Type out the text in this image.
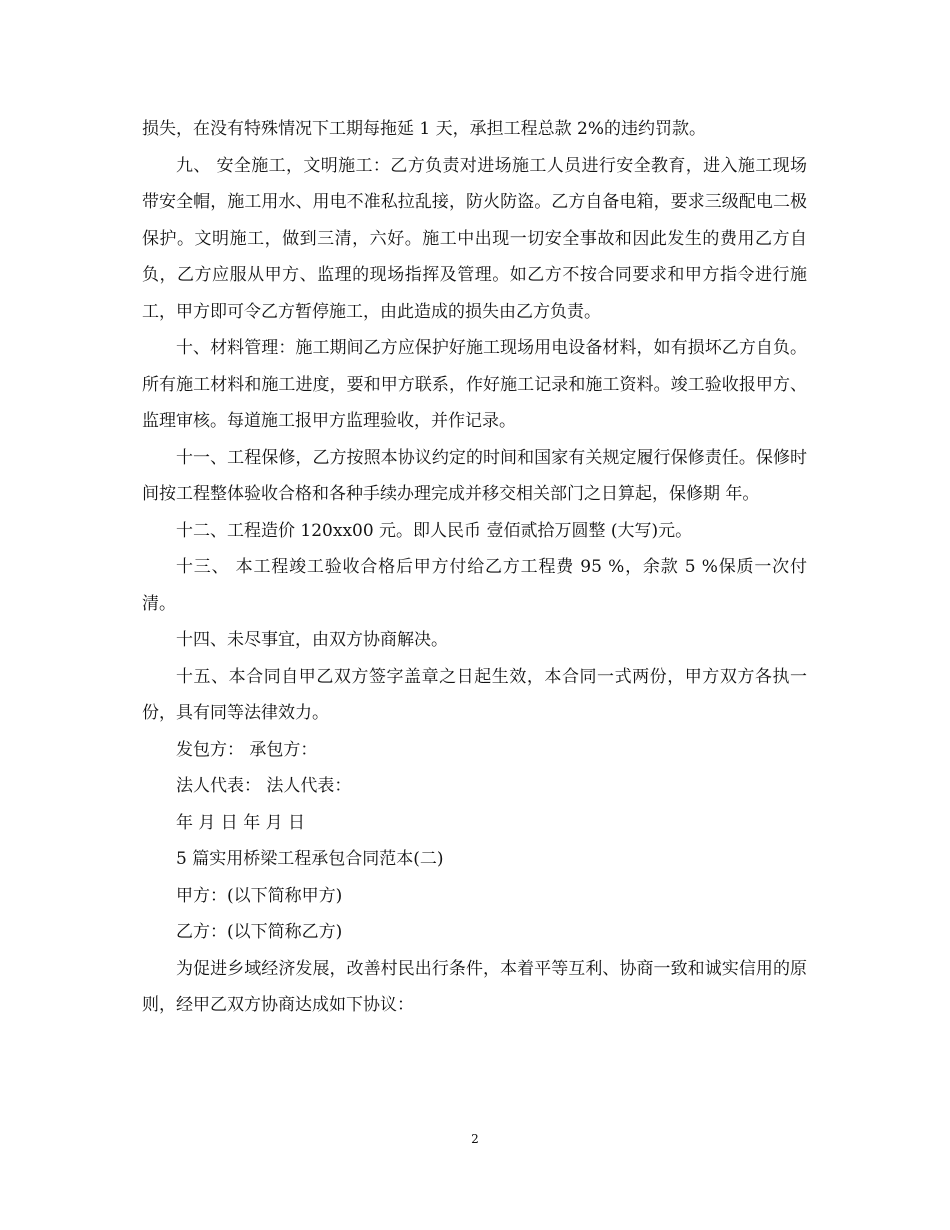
损失，在没有特殊情况下工期每拖延 1 天，承担工程总款 2%的违约罚款。

九、 安全施工，文明施工：乙方负责对进场施工人员进行安全教育，进入施工现场带安全帽，施工用水、用电不准私拉乱接，防火防盗。乙方自备电箱，要求三级配电二极保护。文明施工，做到三清，六好。施工中出现一切安全事故和因此发生的费用乙方自负，乙方应服从甲方、监理的现场指挥及管理。如乙方不按合同要求和甲方指令进行施工，甲方即可令乙方暂停施工，由此造成的损失由乙方负责。

十、材料管理：施工期间乙方应保护好施工现场用电设备材料，如有损坏乙方自负。所有施工材料和施工进度，要和甲方联系，作好施工记录和施工资料。竣工验收报甲方、监理审核。每道施工报甲方监理验收，并作记录。

十一、工程保修，乙方按照本协议约定的时间和国家有关规定履行保修责任。保修时间按工程整体验收合格和各种手续办理完成并移交相关部门之日算起，保修期 年。

十二、工程造价 120xx00 元。即人民币 壹佰贰拾万圆整 (大写)元。

十三、 本工程竣工验收合格后甲方付给乙方工程费 95 %，余款 5 %保质一次付清。

十四、未尽事宜，由双方协商解决。

十五、本合同自甲乙双方签字盖章之日起生效，本合同一式两份，甲方双方各执一份，具有同等法律效力。

发包方： 承包方：

法人代表： 法人代表：

年 月 日 年 月 日

5 篇实用桥梁工程承包合同范本(二)

甲方：(以下简称甲方)

乙方：(以下简称乙方)

为促进乡域经济发展，改善村民出行条件，本着平等互利、协商一致和诚实信用的原则，经甲乙双方协商达成如下协议：

2
